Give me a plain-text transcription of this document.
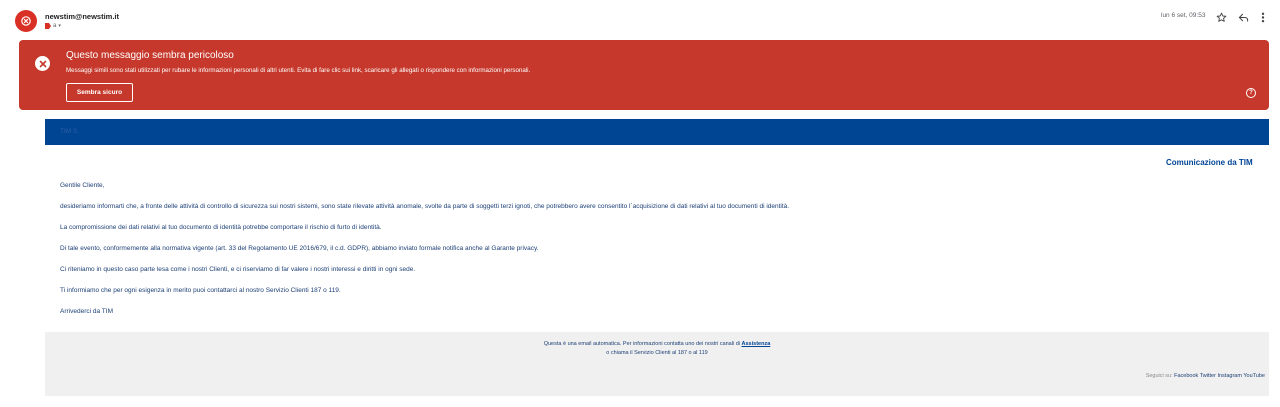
newstim@newstim.it
a ▾
lun 6 set, 09:53
Questo messaggio sembra pericoloso
Messaggi simili sono stati utilizzati per rubare le informazioni personali di altri utenti. Evita di fare clic sui link, scaricare gli allegati o rispondere con informazioni personali.
Sembra sicuro	?
TIM S
Comunicazione da TIM
Gentile Cliente,
desideriamo informarti che, a fronte delle attività di controllo di sicurezza sui nostri sistemi, sono state rilevate attività anomale, svolte da parte di soggetti terzi ignoti, che potrebbero avere consentito l´acquisizione di dati relativi al tuo documenti di identità.
La compromissione dei dati relativi al tuo documento di identità potrebbe comportare il rischio di furto di identità.
Di tale evento, conformemente alla normativa vigente (art. 33 del Regolamento UE 2016/679, il c.d. GDPR), abbiamo inviato formale notifica anche al Garante privacy.
Ci riteniamo in questo caso parte lesa come i nostri Clienti, e ci riserviamo di far valere i nostri interessi e diritti in ogni sede.
Ti informiamo che per ogni esigenza in merito puoi contattarci al nostro Servizio Clienti 187 o 119.
Arrivederci da TIM
Questa è una email automatica. Per informazioni contatta uno dei nostri canali di Assistenza
o chiama il Servizio Clienti al 187 o al 119
Seguici su: Facebook Twitter Instagram YouTube
